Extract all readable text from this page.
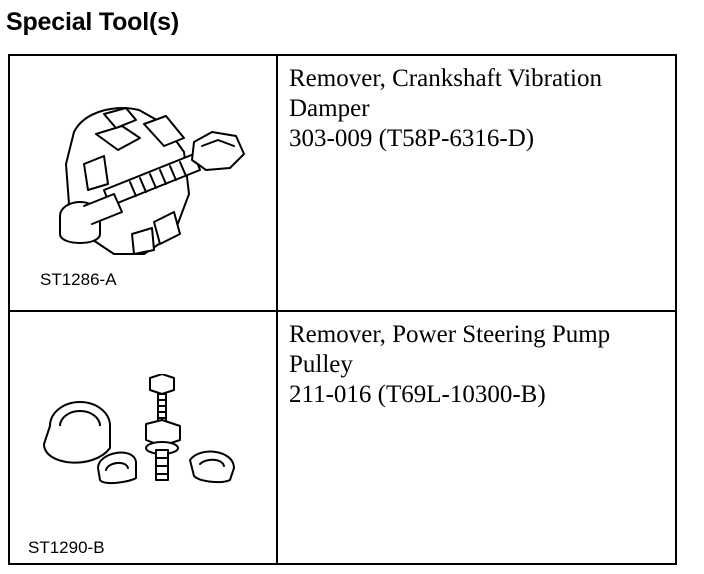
Special Tool(s)
ST1286-A
Remover, Crankshaft Vibration
Damper
303-009 (T58P-6316-D)
ST1290-B
Remover, Power Steering Pump
Pulley
211-016 (T69L-10300-B)
